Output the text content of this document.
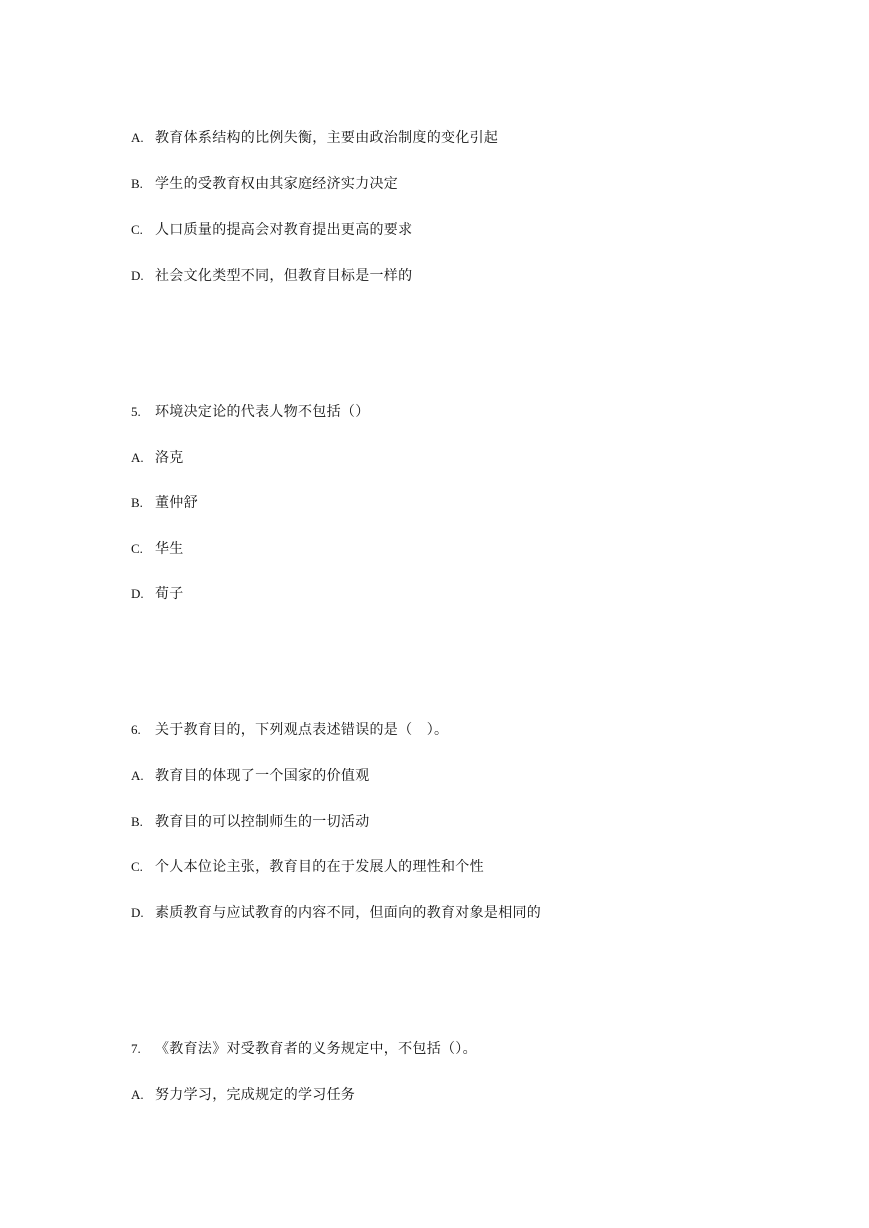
A. 教育体系结构的比例失衡，主要由政治制度的变化引起
B. 学生的受教育权由其家庭经济实力决定
C. 人口质量的提高会对教育提出更高的要求
D. 社会文化类型不同，但教育目标是一样的
5.	环境决定论的代表人物不包括（）
A. 洛克
B. 董仲舒
C. 华生
D. 荀子
6.	关于教育目的，下列观点表述错误的是（　）。
A. 教育目的体现了一个国家的价值观
B. 教育目的可以控制师生的一切活动
C. 个人本位论主张，教育目的在于发展人的理性和个性
D. 素质教育与应试教育的内容不同，但面向的教育对象是相同的
7.	《教育法》对受教育者的义务规定中，不包括（）。
A. 努力学习，完成规定的学习任务
